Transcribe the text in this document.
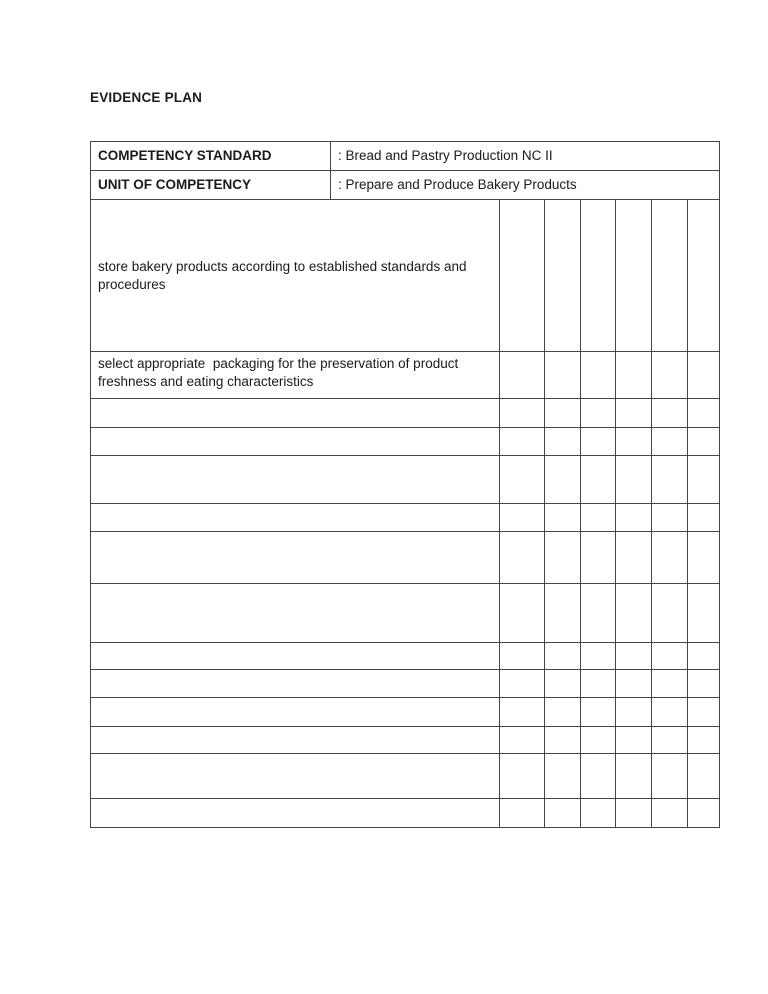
EVIDENCE PLAN
COMPETENCY STANDARD	: Bread and Pastry Production NC II
UNIT OF COMPETENCY	: Prepare and Produce Bakery Products
store bakery products according to established standards and procedures
select appropriate  packaging for the preservation of product freshness and eating characteristics
